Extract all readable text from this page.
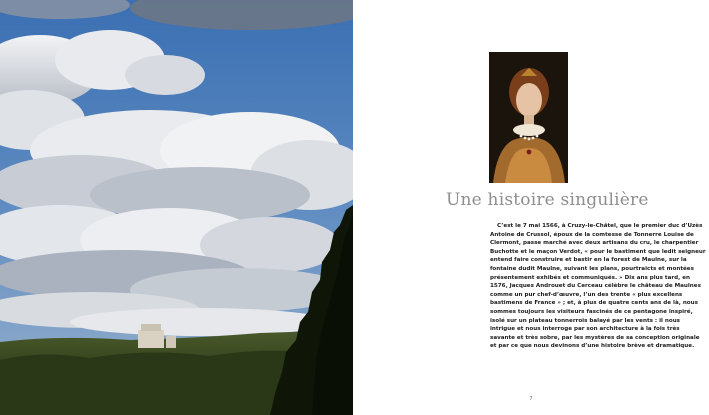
Une histoire singulière

C’est le 7 mai 1566, à Cruzy-le-Châtel, que le premier duc d’Uzès Antoine de Crussol, époux de la comtesse de Tonnerre Louise de Clermont, passe marché avec deux artisans du cru, le charpentier Buchotte et le maçon Verdot, « pour le bastiment que ledit seigneur entend faire construire et bastir en la forest de Maulne, sur la fontaine dudit Maulne, suivant les plans, pourtraicts et montées présentement exhibés et communiqués. » Dix ans plus tard, en 1576, Jacques Androuet du Cerceau célèbre le château de Maulnes comme un pur chef-d’œuvre, l’un des trente « plus excellens bastimens de France » ; et, à plus de quatre cents ans de là, nous sommes toujours les visiteurs fascinés de ce pentagone inspiré, isolé sur un plateau tonnerrois balayé par les vents : il nous intrigue et nous interroge par son architecture à la fois très savante et très sobre, par les mystères de sa conception originale et par ce que nous devinons d’une histoire brève et dramatique.

7
